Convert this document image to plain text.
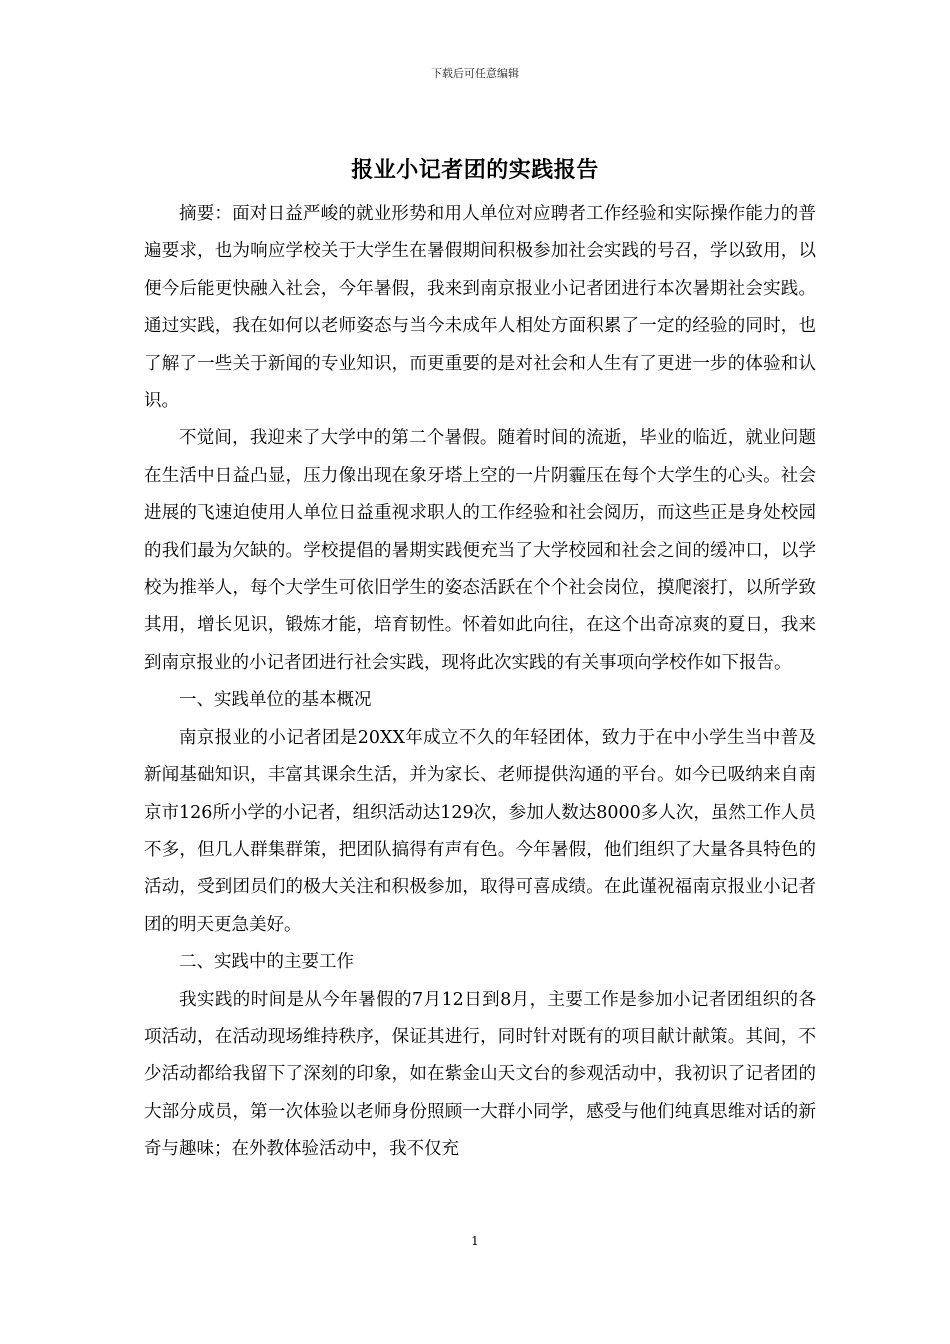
下载后可任意编辑
报业小记者团的实践报告

摘要：面对日益严峻的就业形势和用人单位对应聘者工作经验和实际操作能力的普遍要求，也为响应学校关于大学生在暑假期间积极参加社会实践的号召，学以致用，以便今后能更快融入社会，今年暑假，我来到南京报业小记者团进行本次暑期社会实践。通过实践，我在如何以老师姿态与当今未成年人相处方面积累了一定的经验的同时，也了解了一些关于新闻的专业知识，而更重要的是对社会和人生有了更进一步的体验和认识。

不觉间，我迎来了大学中的第二个暑假。随着时间的流逝，毕业的临近，就业问题在生活中日益凸显，压力像出现在象牙塔上空的一片阴霾压在每个大学生的心头。社会进展的飞速迫使用人单位日益重视求职人的工作经验和社会阅历，而这些正是身处校园的我们最为欠缺的。学校提倡的暑期实践便充当了大学校园和社会之间的缓冲口，以学校为推举人，每个大学生可依旧学生的姿态活跃在个个社会岗位，摸爬滚打，以所学致其用，增长见识，锻炼才能，培育韧性。怀着如此向往，在这个出奇凉爽的夏日，我来到南京报业的小记者团进行社会实践，现将此次实践的有关事项向学校作如下报告。

一、实践单位的基本概况

南京报业的小记者团是20XX年成立不久的年轻团体，致力于在中小学生当中普及新闻基础知识，丰富其课余生活，并为家长、老师提供沟通的平台。如今已吸纳来自南京市126所小学的小记者，组织活动达129次，参加人数达8000多人次，虽然工作人员不多，但几人群集群策，把团队搞得有声有色。今年暑假，他们组织了大量各具特色的活动，受到团员们的极大关注和积极参加，取得可喜成绩。在此谨祝福南京报业小记者团的明天更急美好。

二、实践中的主要工作

我实践的时间是从今年暑假的7月12日到8月，主要工作是参加小记者团组织的各项活动，在活动现场维持秩序，保证其进行，同时针对既有的项目献计献策。其间，不少活动都给我留下了深刻的印象，如在紫金山天文台的参观活动中，我初识了记者团的大部分成员，第一次体验以老师身份照顾一大群小同学，感受与他们纯真思维对话的新奇与趣味；在外教体验活动中，我不仅充

1
